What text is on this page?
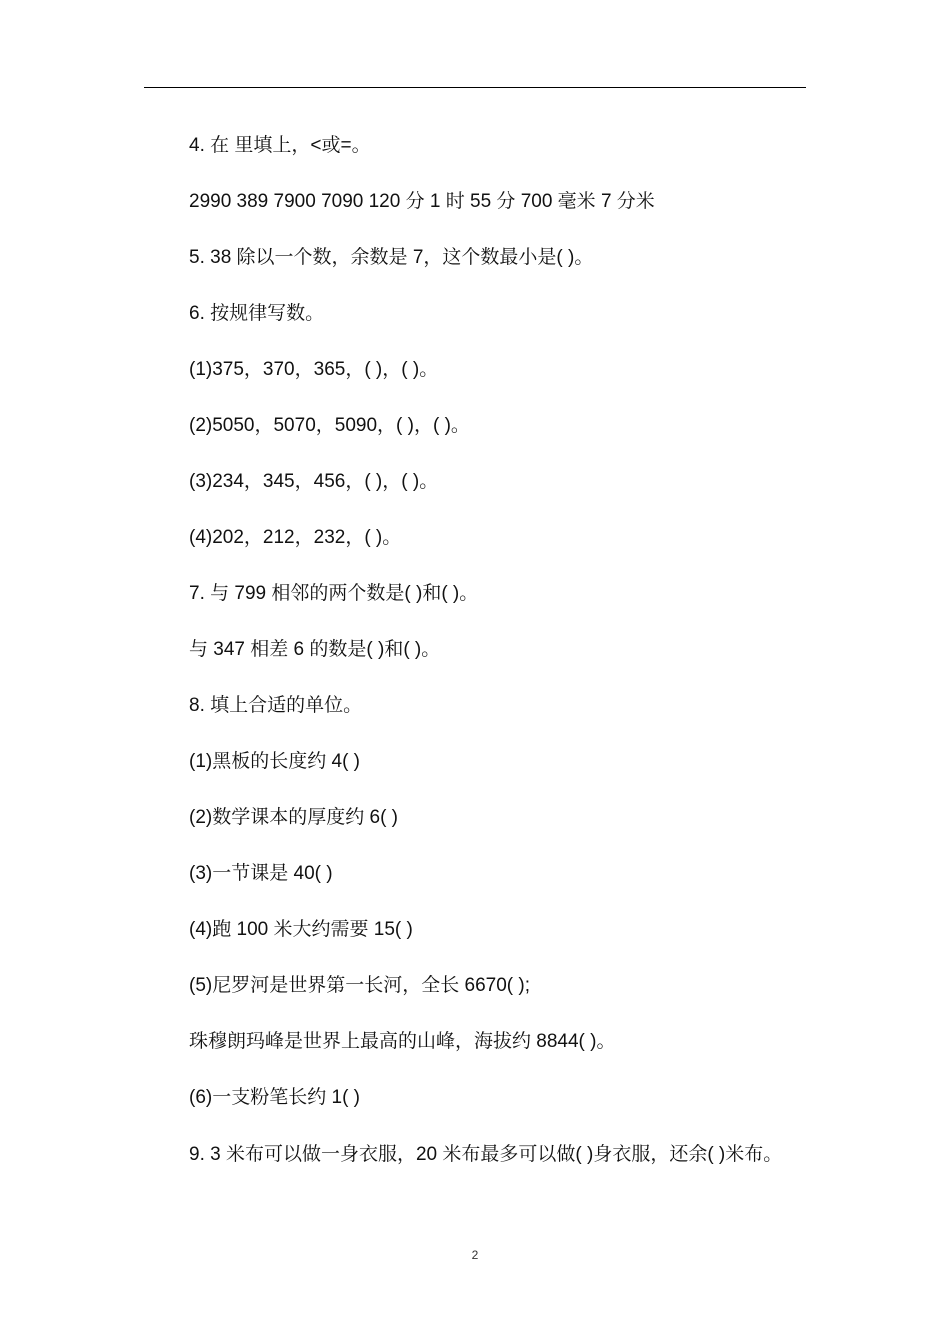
4. 在 里填上，<或=。
2990 389 7900 7090 120 分 1 时 55 分 700 毫米 7 分米
5. 38 除以一个数，余数是 7，这个数最小是( )。
6. 按规律写数。
(1)375，370，365，( )，( )。
(2)5050，5070，5090，( )，( )。
(3)234，345，456，( )，( )。
(4)202，212，232，( )。
7. 与 799 相邻的两个数是( )和( )。
与 347 相差 6 的数是( )和( )。
8. 填上合适的单位。
(1)黑板的长度约 4( )
(2)数学课本的厚度约 6( )
(3)一节课是 40( )
(4)跑 100 米大约需要 15( )
(5)尼罗河是世界第一长河，全长 6670( );
珠穆朗玛峰是世界上最高的山峰，海拔约 8844( )。
(6)一支粉笔长约 1( )
9. 3 米布可以做一身衣服，20 米布最多可以做( )身衣服，还余( )米布。
2
